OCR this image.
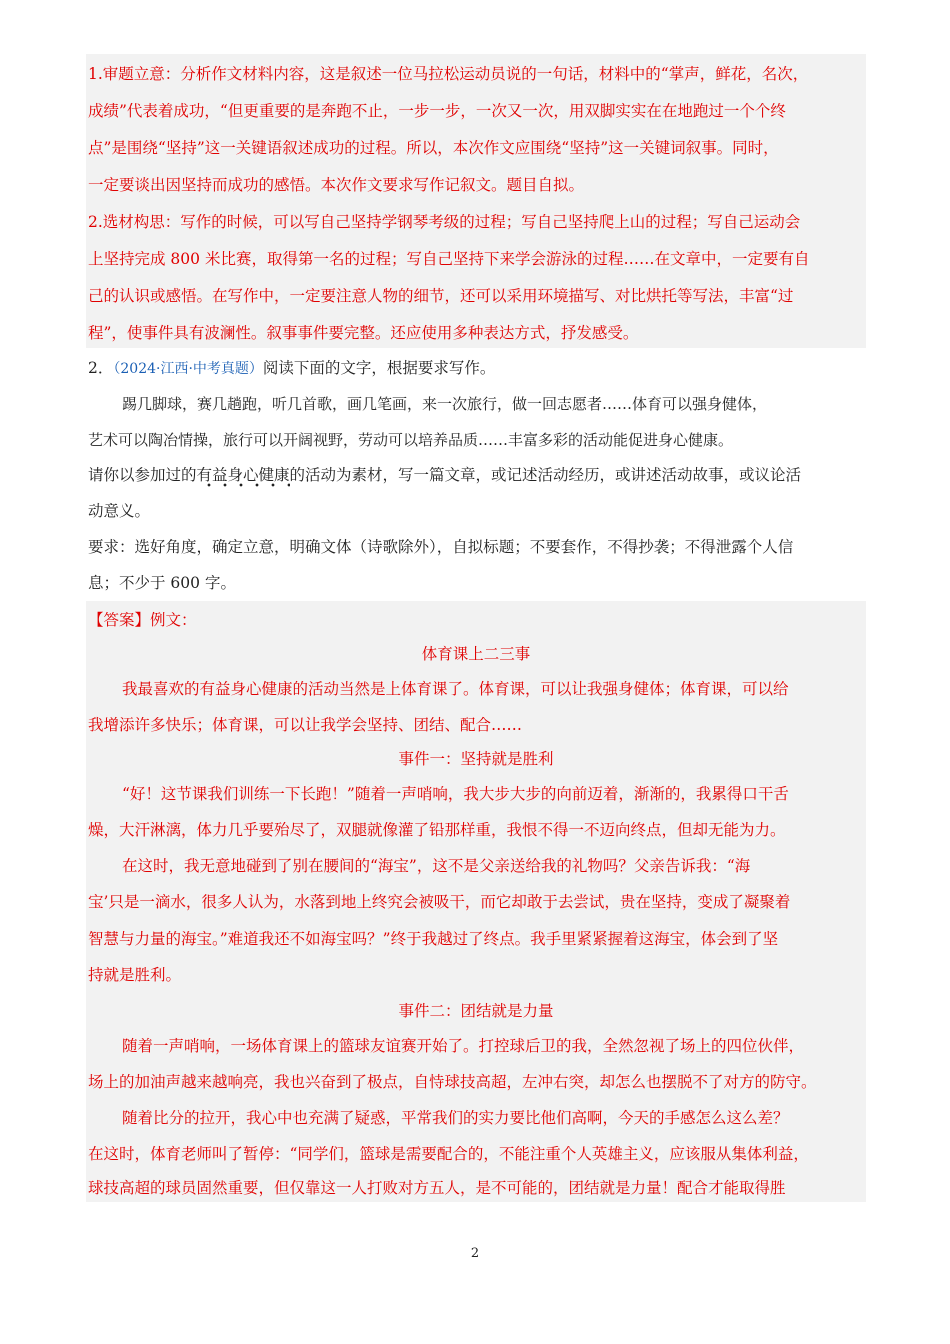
1.审题立意：分析作文材料内容，这是叙述一位马拉松运动员说的一句话，材料中的“掌声，鲜花，名次，
成绩”代表着成功，“但更重要的是奔跑不止，一步一步，一次又一次，用双脚实实在在地跑过一个个终
点”是围绕“坚持”这一关键语叙述成功的过程。所以，本次作文应围绕“坚持”这一关键词叙事。同时，
一定要谈出因坚持而成功的感悟。本次作文要求写作记叙文。题目自拟。
2.选材构思：写作的时候，可以写自己坚持学钢琴考级的过程；写自己坚持爬上山的过程；写自己运动会
上坚持完成 800 米比赛，取得第一名的过程；写自己坚持下来学会游泳的过程……在文章中，一定要有自
己的认识或感悟。在写作中，一定要注意人物的细节，还可以采用环境描写、对比烘托等写法，丰富“过
程”，使事件具有波澜性。叙事事件要完整。还应使用多种表达方式，抒发感受。
2．（2024·江西·中考真题）阅读下面的文字，根据要求写作。
踢几脚球，赛几趟跑，听几首歌，画几笔画，来一次旅行，做一回志愿者……体育可以强身健体，
艺术可以陶冶情操，旅行可以开阔视野，劳动可以培养品质……丰富多彩的活动能促进身心健康。
请你以参加过的有益身心健康的活动为素材，写一篇文章，或记述活动经历，或讲述活动故事，或议论活
动意义。
要求：选好角度，确定立意，明确文体（诗歌除外），自拟标题；不要套作，不得抄袭；不得泄露个人信
息；不少于 600 字。
【答案】例文：
体育课上二三事
我最喜欢的有益身心健康的活动当然是上体育课了。体育课，可以让我强身健体；体育课，可以给
我增添许多快乐；体育课，可以让我学会坚持、团结、配合……
事件一：坚持就是胜利
“好！这节课我们训练一下长跑！”随着一声哨响，我大步大步的向前迈着，渐渐的，我累得口干舌
燥，大汗淋漓，体力几乎要殆尽了，双腿就像灌了铅那样重，我恨不得一不迈向终点，但却无能为力。
在这时，我无意地碰到了别在腰间的“海宝”，这不是父亲送给我的礼物吗？父亲告诉我：“海
宝’只是一滴水，很多人认为，水落到地上终究会被吸干，而它却敢于去尝试，贵在坚持，变成了凝聚着
智慧与力量的海宝。”难道我还不如海宝吗？”终于我越过了终点。我手里紧紧握着这海宝，体会到了坚
持就是胜利。
事件二：团结就是力量
随着一声哨响，一场体育课上的篮球友谊赛开始了。打控球后卫的我，全然忽视了场上的四位伙伴，
场上的加油声越来越响亮，我也兴奋到了极点，自恃球技高超，左冲右突，却怎么也摆脱不了对方的防守。
随着比分的拉开，我心中也充满了疑惑，平常我们的实力要比他们高啊，今天的手感怎么这么差？
在这时，体育老师叫了暂停：“同学们，篮球是需要配合的，不能注重个人英雄主义，应该服从集体利益，
球技高超的球员固然重要，但仅靠这一人打败对方五人，是不可能的，团结就是力量！配合才能取得胜
2
